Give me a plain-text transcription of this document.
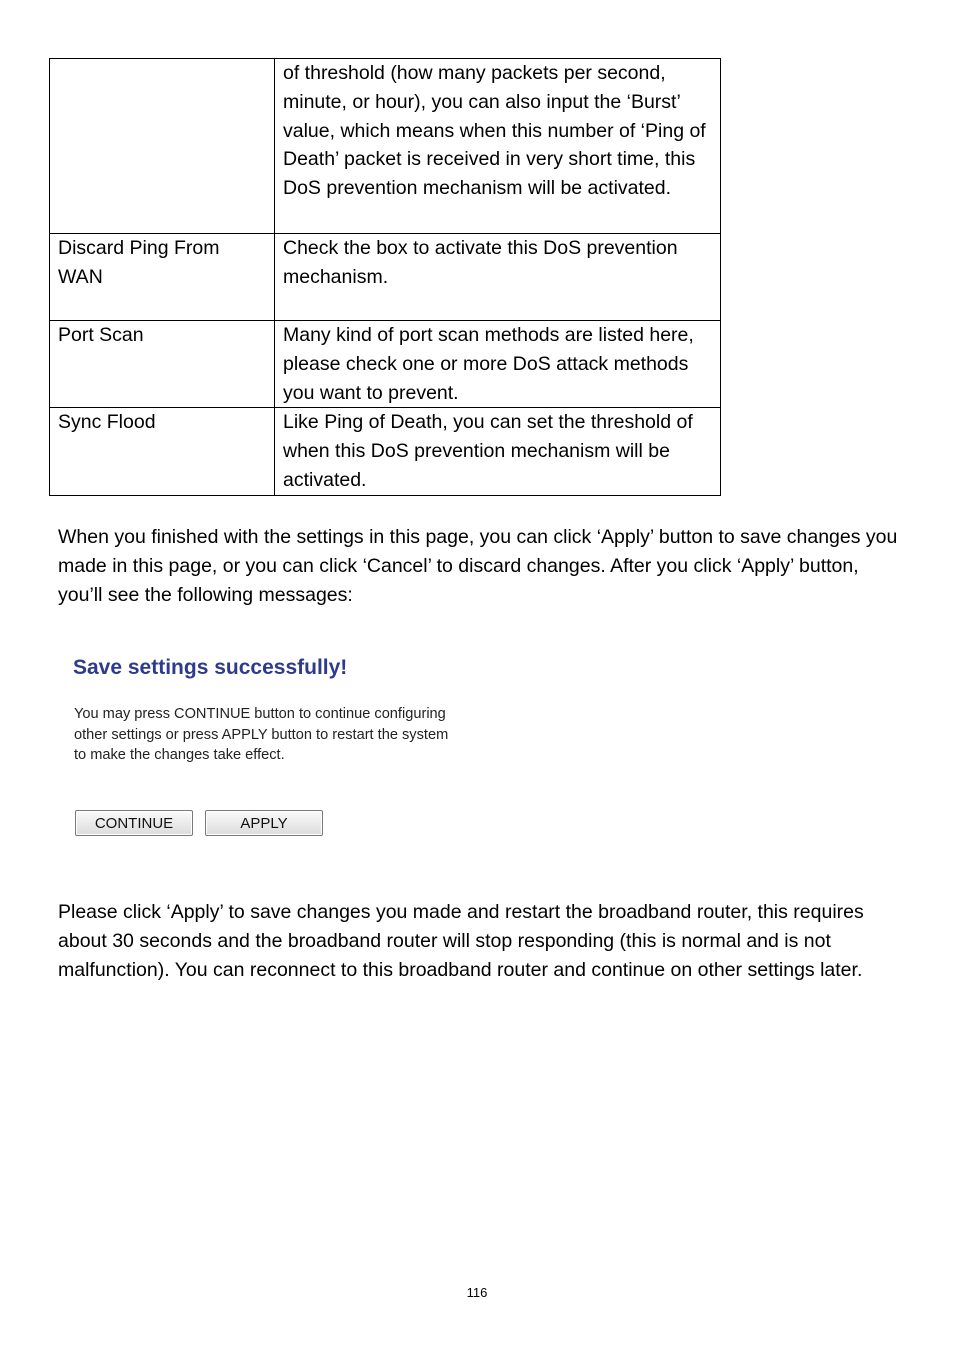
	of threshold (how many packets per second, minute, or hour), you can also input the ‘Burst’ value, which means when this number of ‘Ping of Death’ packet is received in very short time, this DoS prevention mechanism will be activated.
Discard Ping From WAN	Check the box to activate this DoS prevention mechanism.
Port Scan	Many kind of port scan methods are listed here, please check one or more DoS attack methods you want to prevent.
Sync Flood	Like Ping of Death, you can set the threshold of when this DoS prevention mechanism will be activated.

When you finished with the settings in this page, you can click ‘Apply’ button to save changes you made in this page, or you can click ‘Cancel’ to discard changes. After you click ‘Apply’ button, you’ll see the following messages:

Save settings successfully!

You may press CONTINUE button to continue configuring other settings or press APPLY button to restart the system to make the changes take effect.

CONTINUE	APPLY

Please click ‘Apply’ to save changes you made and restart the broadband router, this requires about 30 seconds and the broadband router will stop responding (this is normal and is not malfunction). You can reconnect to this broadband router and continue on other settings later.

116
